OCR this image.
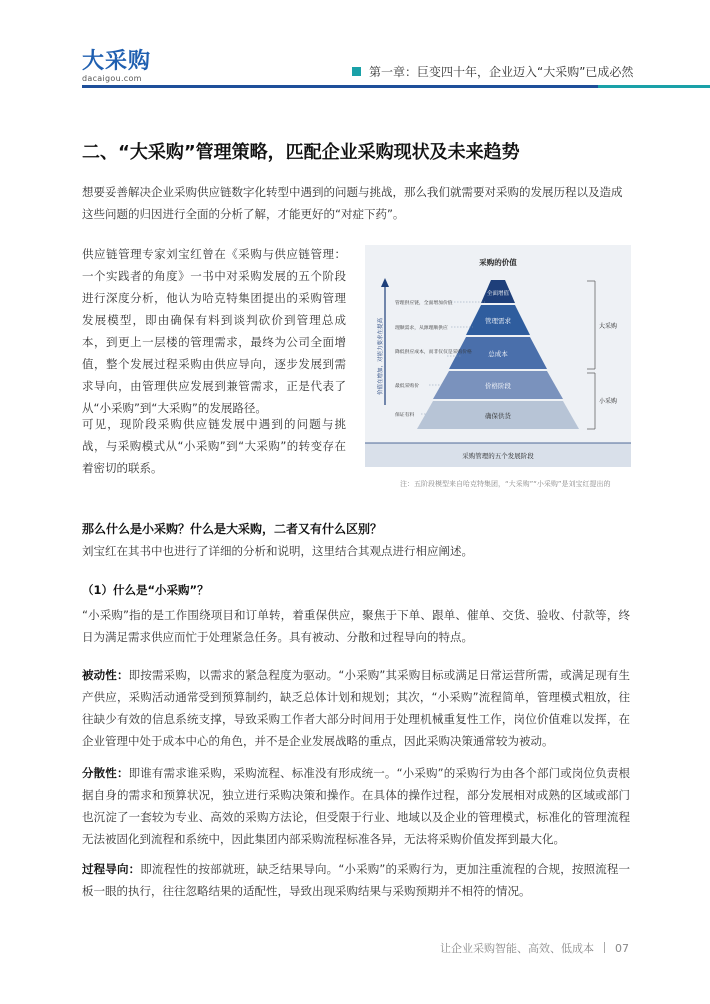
大采购
dacaigou.com	第一章：巨变四十年，企业迈入“大采购”已成必然
二、“大采购”管理策略，匹配企业采购现状及未来趋势
想要妥善解决企业采购供应链数字化转型中遇到的问题与挑战，那么我们就需要对采购的发展历程以及造成这些问题的归因进行全面的分析了解，才能更好的“对症下药”。
供应链管理专家刘宝红曾在《采购与供应链管理：一个实践者的角度》一书中对采购发展的五个阶段进行深度分析，他认为哈克特集团提出的采购管理发展模型，即由确保有料到谈判砍价到管理总成本，到更上一层楼的管理需求，最终为公司全面增值，整个发展过程采购由供应导向，逐步发展到需求导向，由管理供应发展到兼管需求，正是代表了从“小采购”到“大采购”的发展路径。
可见，现阶段采购供应链发展中遇到的问题与挑战，与采购模式从“小采购”到“大采购”的转变存在着密切的联系。
采购的价值
价值在增加，对能力要求在提高
全面增值
管理需求
总成本
价格阶段
确保供货
管理供应链，全面增加价值
理顺需求，从源理顺供应
降低供应成本，而非仅仅是采购价格
最低采购价
保证有料
大采购
小采购
采购管理的五个发展阶段
注：五阶段模型来自哈克特集团，“大采购”“小采购”是刘宝红提出的
那么什么是小采购？什么是大采购，二者又有什么区别？
刘宝红在其书中也进行了详细的分析和说明，这里结合其观点进行相应阐述。
（1）什么是“小采购”？
“小采购”指的是工作围绕项目和订单转，着重保供应，聚焦于下单、跟单、催单、交货、验收、付款等，终日为满足需求供应而忙于处理紧急任务。具有被动、分散和过程导向的特点。
被动性：即按需采购，以需求的紧急程度为驱动。“小采购”其采购目标或满足日常运营所需，或满足现有生产供应，采购活动通常受到预算制约，缺乏总体计划和规划；其次，“小采购”流程简单，管理模式粗放，往往缺少有效的信息系统支撑，导致采购工作者大部分时间用于处理机械重复性工作，岗位价值难以发挥，在企业管理中处于成本中心的角色，并不是企业发展战略的重点，因此采购决策通常较为被动。
分散性：即谁有需求谁采购，采购流程、标准没有形成统一。“小采购”的采购行为由各个部门或岗位负责根据自身的需求和预算状况，独立进行采购决策和操作。在具体的操作过程，部分发展相对成熟的区域或部门也沉淀了一套较为专业、高效的采购方法论，但受限于行业、地域以及企业的管理模式，标准化的管理流程无法被固化到流程和系统中，因此集团内部采购流程标准各异，无法将采购价值发挥到最大化。
过程导向：即流程性的按部就班，缺乏结果导向。“小采购”的采购行为，更加注重流程的合规，按照流程一板一眼的执行，往往忽略结果的适配性，导致出现采购结果与采购预期并不相符的情况。
让企业采购智能、高效、低成本 07
